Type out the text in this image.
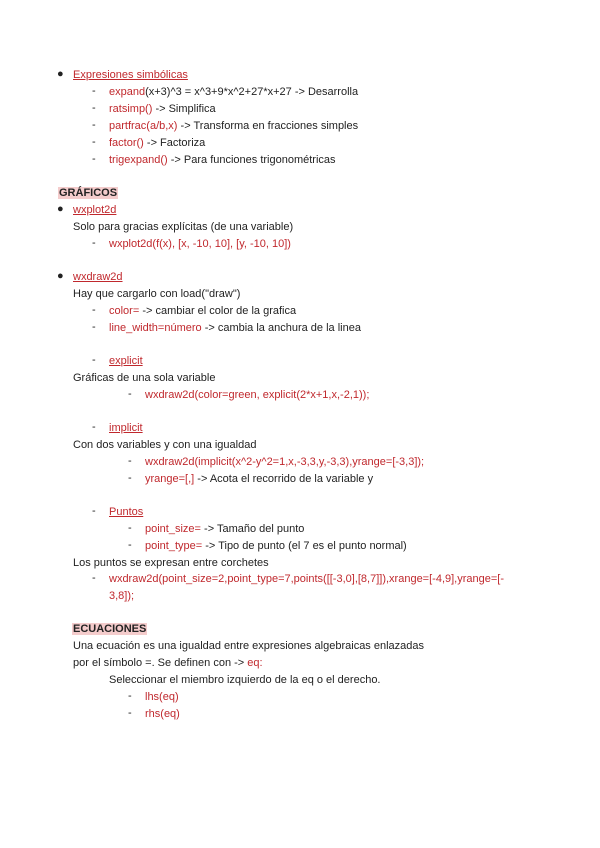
● Expresiones simbólicas
- expand(x+3)^3 = x^3+9*x^2+27*x+27 -> Desarrolla
- ratsimp() -> Simplifica
- partfrac(a/b,x) -> Transforma en fracciones simples
- factor() -> Factoriza
- trigexpand() -> Para funciones trigonométricas
GRÁFICOS
● wxplot2d
Solo para gracias explícitas (de una variable)
- wxplot2d(f(x), [x, -10, 10], [y, -10, 10])
● wxdraw2d
Hay que cargarlo con load("draw")
- color= -> cambiar el color de la grafica
- line_width=número -> cambia la anchura de la linea
- explicit
Gráficas de una sola variable
- wxdraw2d(color=green, explicit(2*x+1,x,-2,1));
- implicit
Con dos variables y con una igualdad
- wxdraw2d(implicit(x^2-y^2=1,x,-3,3,y,-3,3),yrange=[-3,3]);
- yrange=[,] -> Acota el recorrido de la variable y
- Puntos
- point_size= -> Tamaño del punto
- point_type= -> Tipo de punto (el 7 es el punto normal)
Los puntos se expresan entre corchetes
- wxdraw2d(point_size=2,point_type=7,points([[-3,0],[8,7]]),xrange=[-4,9],yrange=[-
3,8]);
ECUACIONES
Una ecuación es una igualdad entre expresiones algebraicas enlazadas
por el símbolo =. Se definen con -> eq:
Seleccionar el miembro izquierdo de la eq o el derecho.
- lhs(eq)
- rhs(eq)
